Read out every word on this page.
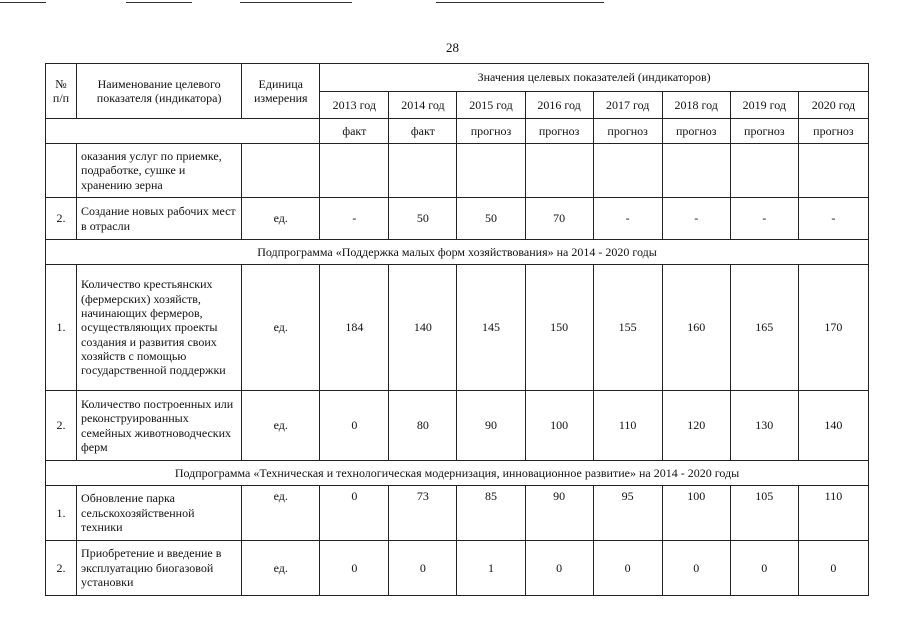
28
№ п/п	Наименование целевого показателя (индикатора)	Единица измерения	Значения целевых показателей (индикаторов)							
			2013 год	2014 год	2015 год	2016 год	2017 год	2018 год	2019 год	2020 год
			факт	факт	прогноз	прогноз	прогноз	прогноз	прогноз	прогноз
	оказания услуг по приемке, подработке, сушке и хранению зерна									
2.	Создание новых рабочих мест в отрасли	ед.	-	50	50	70	-	-	-	-
Подпрограмма «Поддержка малых форм хозяйствования» на 2014 - 2020 годы										
1.	Количество крестьянских (фермерских) хозяйств, начинающих фермеров, осуществляющих проекты создания и развития своих хозяйств с помощью государственной поддержки	ед.	184	140	145	150	155	160	165	170
2.	Количество построенных или реконструированных семейных животноводческих ферм	ед.	0	80	90	100	110	120	130	140
Подпрограмма «Техническая и технологическая модернизация, инновационное развитие» на 2014 - 2020 годы										
1.	Обновление парка сельскохозяйственной техники	ед.	0	73	85	90	95	100	105	110
2.	Приобретение и введение в эксплуатацию биогазовой установки	ед.	0	0	1	0	0	0	0	0
